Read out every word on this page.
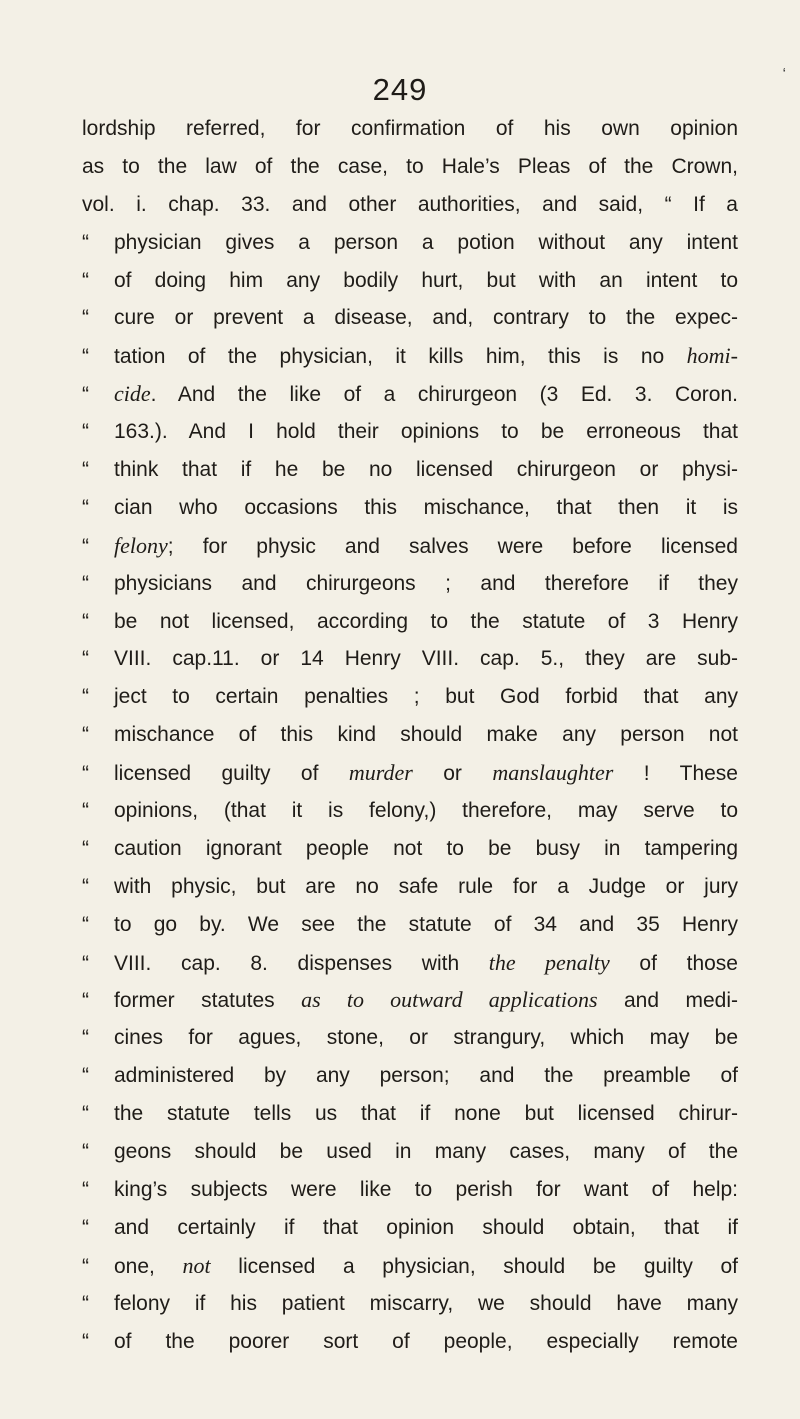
249	‘
lordship referred, for confirmation of his own opinion
as to the law of the case, to Hale’s Pleas of the Crown,
vol. i. chap. 33. and other authorities, and said, “ If a
“ physician gives a person a potion without any intent
“ of doing him any bodily hurt, but with an intent to
“ cure or prevent a disease, and, contrary to the expec-
“ tation of the physician, it kills him, this is no homi-
“ cide. And the like of a chirurgeon (3 Ed. 3. Coron.
“ 163.). And I hold their opinions to be erroneous that
“ think that if he be no licensed chirurgeon or physi-
“ cian who occasions this mischance, that then it is
“ felony; for physic and salves were before licensed
“ physicians and chirurgeons ; and therefore if they
“ be not licensed, according to the statute of 3 Henry
“ VIII. cap.11. or 14 Henry VIII. cap. 5., they are sub-
“ ject to certain penalties ; but God forbid that any
“ mischance of this kind should make any person not
“ licensed guilty of murder or manslaughter ! These
“ opinions, (that it is felony,) therefore, may serve to
“ caution ignorant people not to be busy in tampering
“ with physic, but are no safe rule for a Judge or jury
“ to go by. We see the statute of 34 and 35 Henry
“ VIII. cap. 8. dispenses with the penalty of those
“ former statutes as to outward applications and medi-
“ cines for agues, stone, or strangury, which may be
“ administered by any person; and the preamble of
“ the statute tells us that if none but licensed chirur-
“ geons should be used in many cases, many of the
“ king’s subjects were like to perish for want of help:
“ and certainly if that opinion should obtain, that if
“ one, not licensed a physician, should be guilty of
“ felony if his patient miscarry, we should have many
“ of the poorer sort of people, especially remote
